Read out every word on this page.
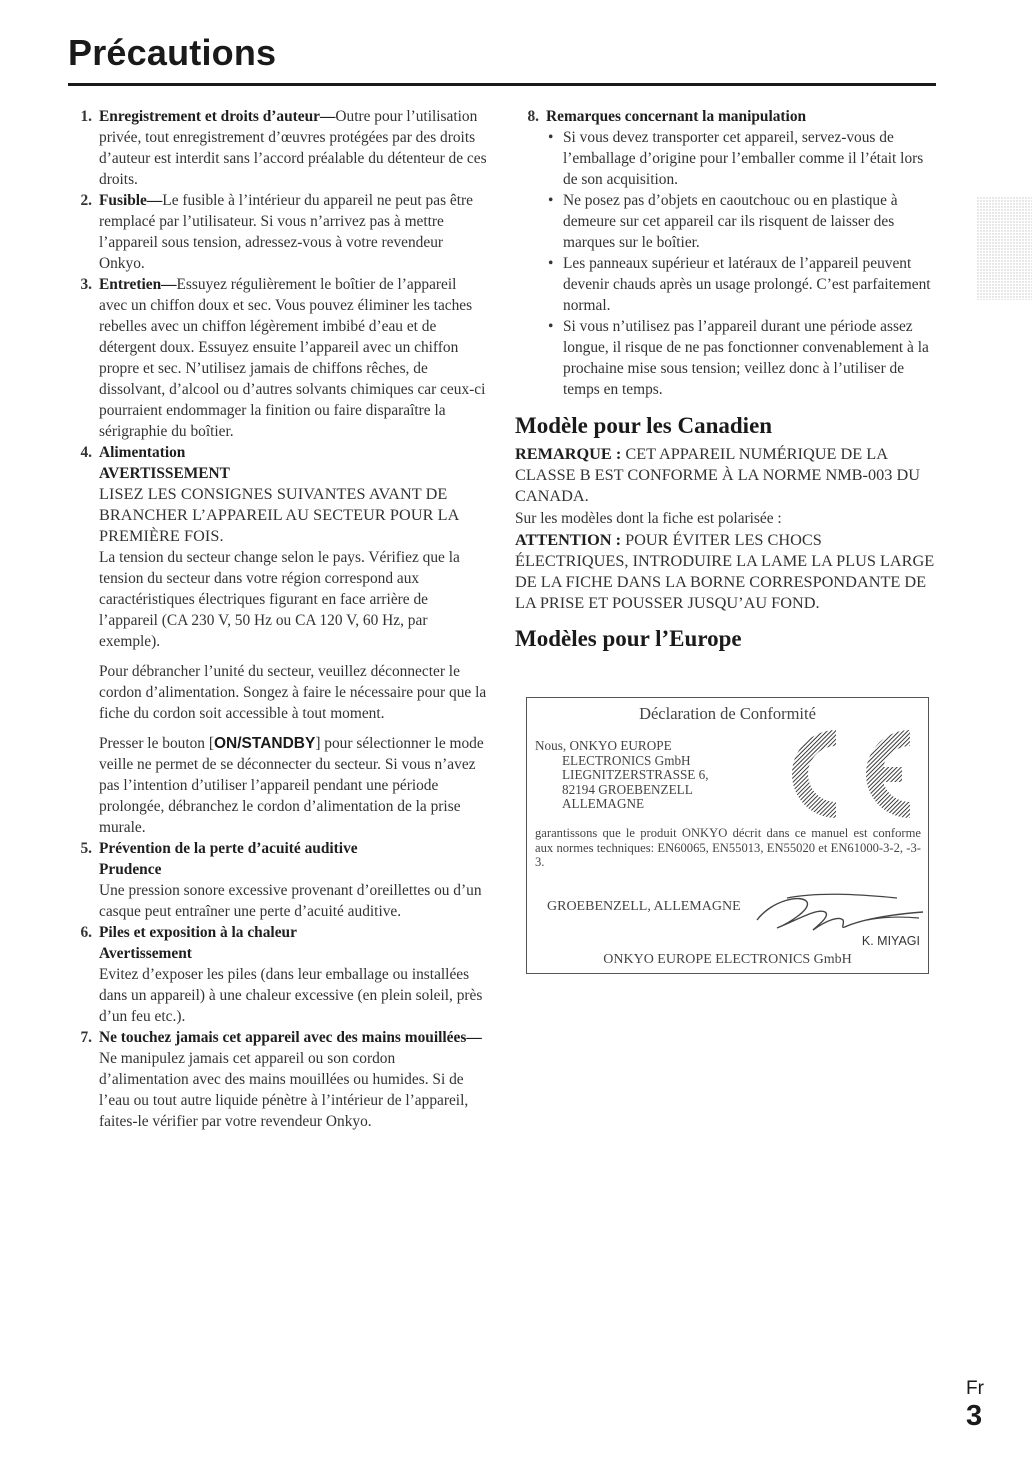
Précautions
1. Enregistrement et droits d’auteur—Outre pour l’utilisation privée, tout enregistrement d’œuvres protégées par des droits d’auteur est interdit sans l’accord préalable du détenteur de ces droits.

2. Fusible—Le fusible à l’intérieur du appareil ne peut pas être remplacé par l’utilisateur. Si vous n’arrivez pas à mettre l’appareil sous tension, adressez-vous à votre revendeur Onkyo.

3. Entretien—Essuyez régulièrement le boîtier de l’appareil avec un chiffon doux et sec. Vous pouvez éliminer les taches rebelles avec un chiffon légèrement imbibé d’eau et de détergent doux. Essuyez ensuite l’appareil avec un chiffon propre et sec. N’utilisez jamais de chiffons rêches, de dissolvant, d’alcool ou d’autres solvants chimiques car ceux-ci pourraient endommager la finition ou faire disparaître la sérigraphie du boîtier.

4. Alimentation

AVERTISSEMENT

LISEZ LES CONSIGNES SUIVANTES AVANT DE BRANCHER L’APPAREIL AU SECTEUR POUR LA PREMIÈRE FOIS.

La tension du secteur change selon le pays. Vérifiez que la tension du secteur dans votre région correspond aux caractéristiques électriques figurant en face arrière de l’appareil (CA 230 V, 50 Hz ou CA 120 V, 60 Hz, par exemple).

Pour débrancher l’unité du secteur, veuillez déconnecter le cordon d’alimentation. Songez à faire le nécessaire pour que la fiche du cordon soit accessible à tout moment.

Presser le bouton [ON/STANDBY] pour sélectionner le mode veille ne permet de se déconnecter du secteur. Si vous n’avez pas l’intention d’utiliser l’appareil pendant une période prolongée, débranchez le cordon d’alimentation de la prise murale.

5. Prévention de la perte d’acuité auditive

Prudence

Une pression sonore excessive provenant d’oreillettes ou d’un casque peut entraîner une perte d’acuité auditive.

6. Piles et exposition à la chaleur

Avertissement

Evitez d’exposer les piles (dans leur emballage ou installées dans un appareil) à une chaleur excessive (en plein soleil, près d’un feu etc.).

7. Ne touchez jamais cet appareil avec des mains mouillées—Ne manipulez jamais cet appareil ou son cordon d’alimentation avec des mains mouillées ou humides. Si de l’eau ou tout autre liquide pénètre à l’intérieur de l’appareil, faites-le vérifier par votre revendeur Onkyo.

8. Remarques concernant la manipulation

• Si vous devez transporter cet appareil, servez-vous de l’emballage d’origine pour l’emballer comme il l’était lors de son acquisition.
• Ne posez pas d’objets en caoutchouc ou en plastique à demeure sur cet appareil car ils risquent de laisser des marques sur le boîtier.
• Les panneaux supérieur et latéraux de l’appareil peuvent devenir chauds après un usage prolongé. C’est parfaitement normal.
• Si vous n’utilisez pas l’appareil durant une période assez longue, il risque de ne pas fonctionner convenablement à la prochaine mise sous tension; veillez donc à l’utiliser de temps en temps.
Modèle pour les Canadien

REMARQUE : CET APPAREIL NUMÉRIQUE DE LA CLASSE B EST CONFORME À LA NORME NMB-003 DU CANADA.

Sur les modèles dont la fiche est polarisée :

ATTENTION : POUR ÉVITER LES CHOCS ÉLECTRIQUES, INTRODUIRE LA LAME LA PLUS LARGE DE LA FICHE DANS LA BORNE CORRESPONDANTE DE LA PRISE ET POUSSER JUSQU’AU FOND.

Modèles pour l’Europe
Déclaration de Conformité
Nous, ONKYO EUROPE
ELECTRONICS GmbH
LIEGNITZERSTRASSE 6,
82194 GROEBENZELL
ALLEMAGNE
garantissons que le produit ONKYO décrit dans ce manuel est conforme aux normes techniques: EN60065, EN55013, EN55020 et EN61000-3-2, -3-3.
GROEBENZELL, ALLEMAGNE
K. MIYAGI
ONKYO EUROPE ELECTRONICS GmbH
Fr
3
